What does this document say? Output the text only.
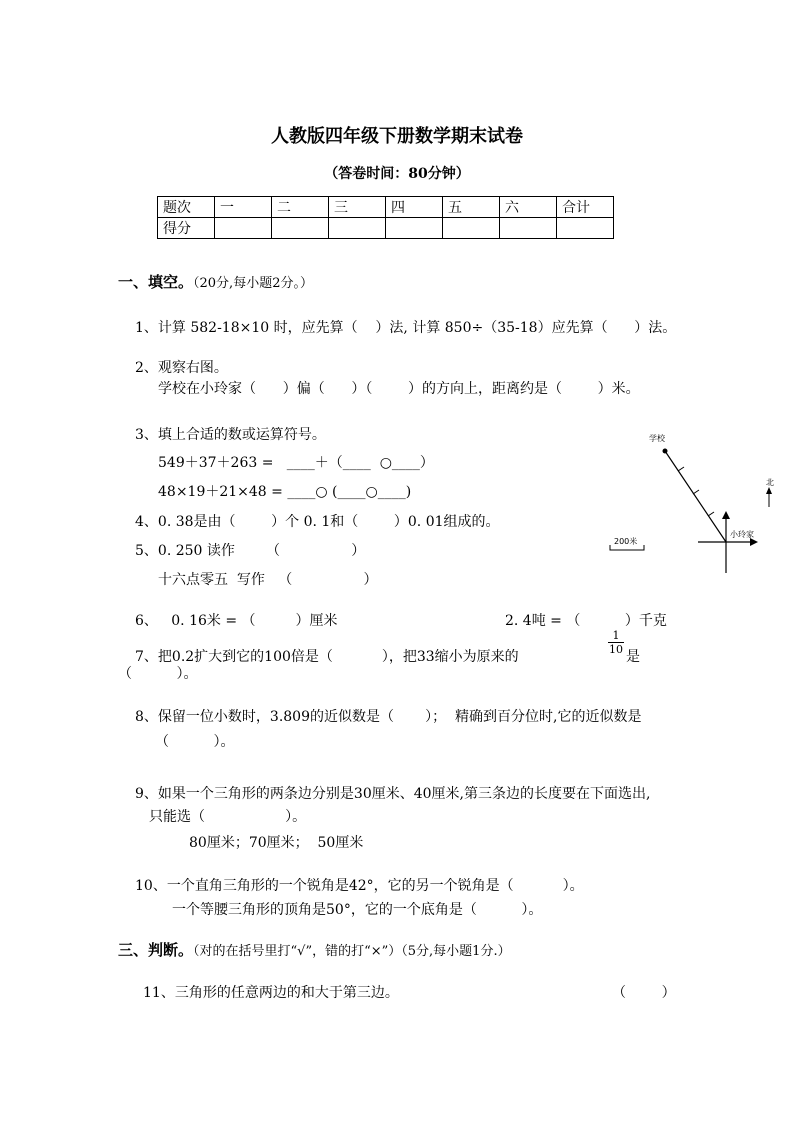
人教版四年级下册数学期末试卷
（答卷时间：80分钟）
题次	一	二	三	四	五	六	合计
得分							
一、填空。（20分,每小题2分。）
1、计算 582-18×10 时，应先算（    ）法, 计算 850÷（35-18）应先算（      ）法。
2、观察右图。
学校在小玲家（      ）偏（      ）（        ）的方向上，距离约是（        ）米。
3、填上合适的数或运算符号。
549＋37＋263 =   ____＋（____  ○____）
48×19＋21×48 = ____○ (____○____)
4、0. 38是由（        ）个 0. 1和（        ）0. 01组成的。
5、0. 250 读作       （                ）
十六点零五  写作   （                ）
6、   0. 16米 = （         ）厘米	2. 4吨 = （          ）千克
7、把0.2扩大到它的100倍是（           ），把33缩小为原来的
1
10 是
（          ）。
8、保留一位小数时，3.809的近似数是（       ）；  精确到百分位时,它的近似数是
（          ）。
9、如果一个三角形的两条边分别是30厘米、40厘米,第三条边的长度要在下面选出,
只能选（                  ）。
80厘米；70厘米；  50厘米
10、一个直角三角形的一个锐角是42°，它的另一个锐角是（           ）。
一个等腰三角形的顶角是50°，它的一个底角是（          ）。
三、判断。（对的在括号里打“√”，错的打“×”）（5分,每小题1分.）
11、三角形的任意两边的和大于第三边。	（        ）
学校
小玲家
北
200米
